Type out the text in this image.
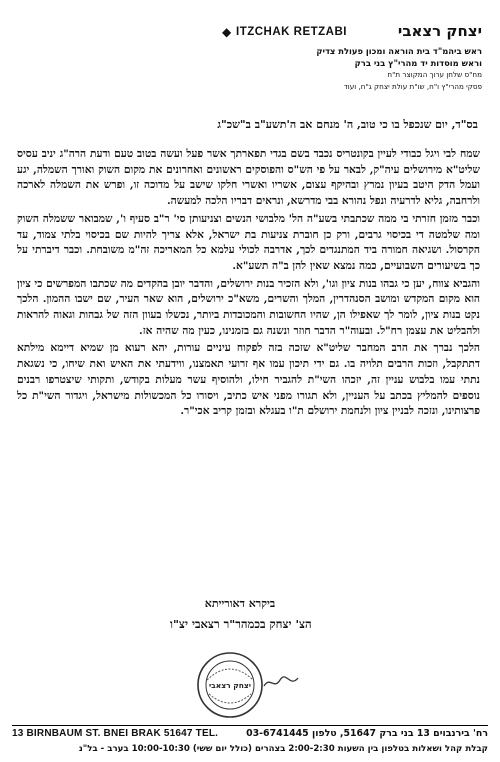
יצחק רצאבי
◆ ITZCHAK RETZABI
ראש ביהמ"ד בית הוראה ומכון פעולת צדיק
וראש מוסדות יד מהרי"ץ בני ברק
מח"ס שלחן ערוך המקוצר ת"ח
פסקי מהרי"ץ ו"ח, שו"ת עולת יצחק ג"ח, ועוד
בס"ד, יום שנכפל בו כי טוב, ה' מנחם אב ה'תשע"ב ב"שכ"ג

שמח לבי ויגל כבודי לעיין בקונטריס נכבד בשם בגדי תפארתך אשר פעל ועשה בטוב טעם ודעת הרה"ג יניב עסיס שליט"א מירושלים עיה"ק, לבאר על פי הש"ס והפוסקים ראשונים ואחרונים את מקום השוק ואורך השמלה, יגע ועמל הדק היטב בעיון נמרץ ובהיקף עצום, אשריו ואשרי חלקו שישב על מדוכה זו, ופרש את השמלה לארכה ולרחבה, גליא לדרעיה ונפל נהורא בבי מדרשא, ונראים דבריו הלכה למעשה.

וכבר מזמן חזרתי בי ממה שכתבתי בשע"ה הל' מלבושי הנשים וצניעותן סי' ר"ב סעיף ו', שמבואר ששמלה השוק ומה שלמטה די בכיסוי גרבים, ורק כן חוברת צניעות בת ישראל, אלא צריך להיות שם בכיסוי בלתי צמוד, עד הקרסול. ושגיאה חמורה ביד המתנגדים לכך, אדרבה לכולי עלמא כל המאריכה זה"מ משובחת. וכבר דיברתי על כך בשיעורים השבועיים, כמה נמצא שאין להן ב"ה תשע"א.

והגביא צווח, יען כי גבהו בנות ציון וגו', ולא הזכיר בנות ירושלים, והדבר יובן בהקדים מה שכתבו המפרשים כי ציון הוא מקום המקדש ומושב הסנהדרין, המלך והשרים, משא"כ ירושלים, הוא שאר העיר, שם ישבו ההמון. הלכך נקט בנות ציון, לומר לך שאפילו הן, שהיו החשובות והמכובדות ביותר, נכשלו בעוון הזה של גבהות וגאוה להראות ולהבליט את עצמן רח"ל. ובעוה"ר הדבר חוזר ונשנה גם בזמנינו, כעין מה שהיה אז.

הלכך נברך את הרב המחבר שליט"א שזכה בזה לפקוח עיניים עורות, יהא רעוא מן שמיא דיימא מילתא דתתקבל, וזכות הרבים תלויה בו. גם ידי תיכון עמו אף זרועי תאמצנו, ווידעתי את האיש ואת שיחו, כי נשגאת נתתי עמו בלבוש עניין זה, יזכהו השי"ת להגביר חילו, ולהוסיף עשר מעלות בקודש, ותקותי שיצטרפו רבנים נוספים להמליץ בכתב על העניין, ולא תגורו מפני איש כתיב, ויסורו כל המכשולות מישראל, ויגדור השי"ת כל פרצותינו, ונזכה לבניין ציון ולנחמת ירושלם ת"ו בעגלא ובזמן קריב אכי"ר.

ביקרא דאורייתא
הצ' יצחק בכמהר"ר רצאבי יצ"ו
יצחק רצאבי
13 BIRNBAUM ST. BNEI BRAK 51647 TEL.	רח' בירנבוים 13 בני ברק 51647, טלפון 03-6741445
קבלת קהל ושאלות בטלפון בין השעות 2:00-2:30 בצהרים (כולל יום ששי) 10:00-10:30 בערב - בל"נ
